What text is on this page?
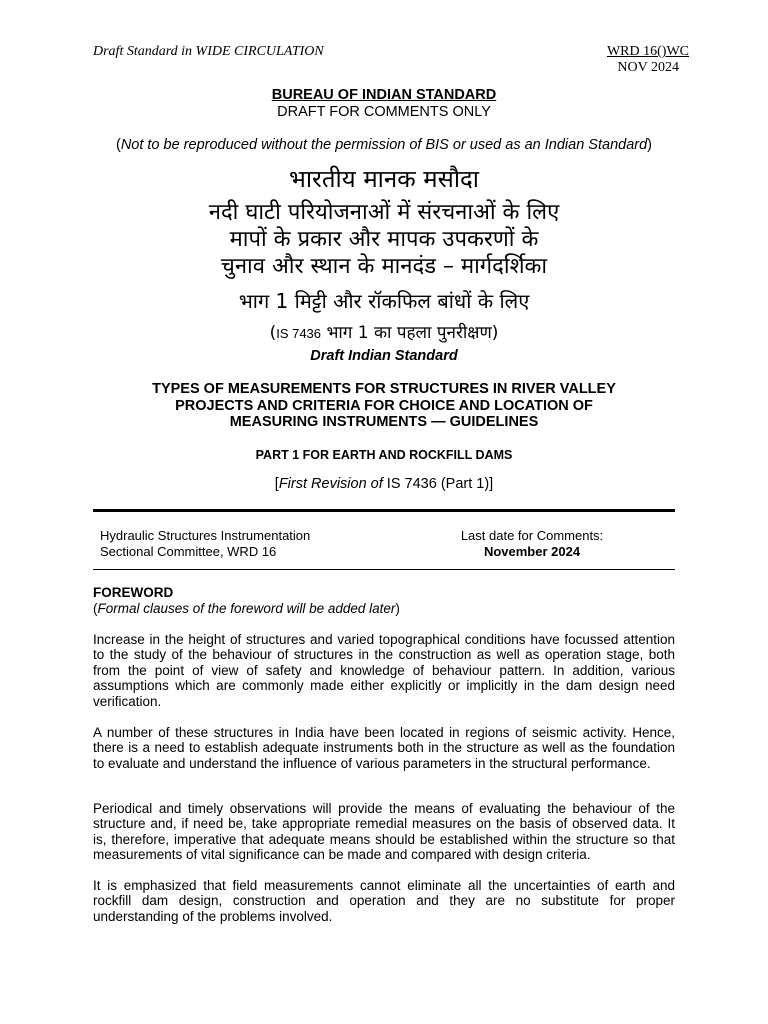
Draft Standard in WIDE CIRCULATION	WRD 16()WC
NOV 2024
BUREAU OF INDIAN STANDARD
DRAFT FOR COMMENTS ONLY
(Not to be reproduced without the permission of BIS or used as an Indian Standard)
भारतीय मानक मसौदा
नदी घाटी परियोजनाओं में संरचनाओं के लिए
मापों के प्रकार और मापक उपकरणों के
चुनाव और स्थान के मानदंड – मार्गदर्शिका
भाग 1 मिट्टी और रॉकफिल बांधों के लिए
(IS 7436 भाग 1 का पहला पुनरीक्षण)
Draft Indian Standard
TYPES OF MEASUREMENTS FOR STRUCTURES IN RIVER VALLEY
PROJECTS AND CRITERIA FOR CHOICE AND LOCATION OF
MEASURING INSTRUMENTS — GUIDELINES
PART 1 FOR EARTH AND ROCKFILL DAMS
[First Revision of IS 7436 (Part 1)]
Hydraulic Structures Instrumentation
Sectional Committee, WRD 16
Last date for Comments:
November 2024
FOREWORD
(Formal clauses of the foreword will be added later)

Increase in the height of structures and varied topographical conditions have focussed attention to the study of the behaviour of structures in the construction as well as operation stage, both from the point of view of safety and knowledge of behaviour pattern. In addition, various assumptions which are commonly made either explicitly or implicitly in the dam design need verification.

A number of these structures in India have been located in regions of seismic activity. Hence, there is a need to establish adequate instruments both in the structure as well as the foundation to evaluate and understand the influence of various parameters in the structural performance.

Periodical and timely observations will provide the means of evaluating the behaviour of the structure and, if need be, take appropriate remedial measures on the basis of observed data. It is, therefore, imperative that adequate means should be established within the structure so that measurements of vital significance can be made and compared with design criteria.

It is emphasized that field measurements cannot eliminate all the uncertainties of earth and rockfill dam design, construction and operation and they are no substitute for proper understanding of the problems involved.
